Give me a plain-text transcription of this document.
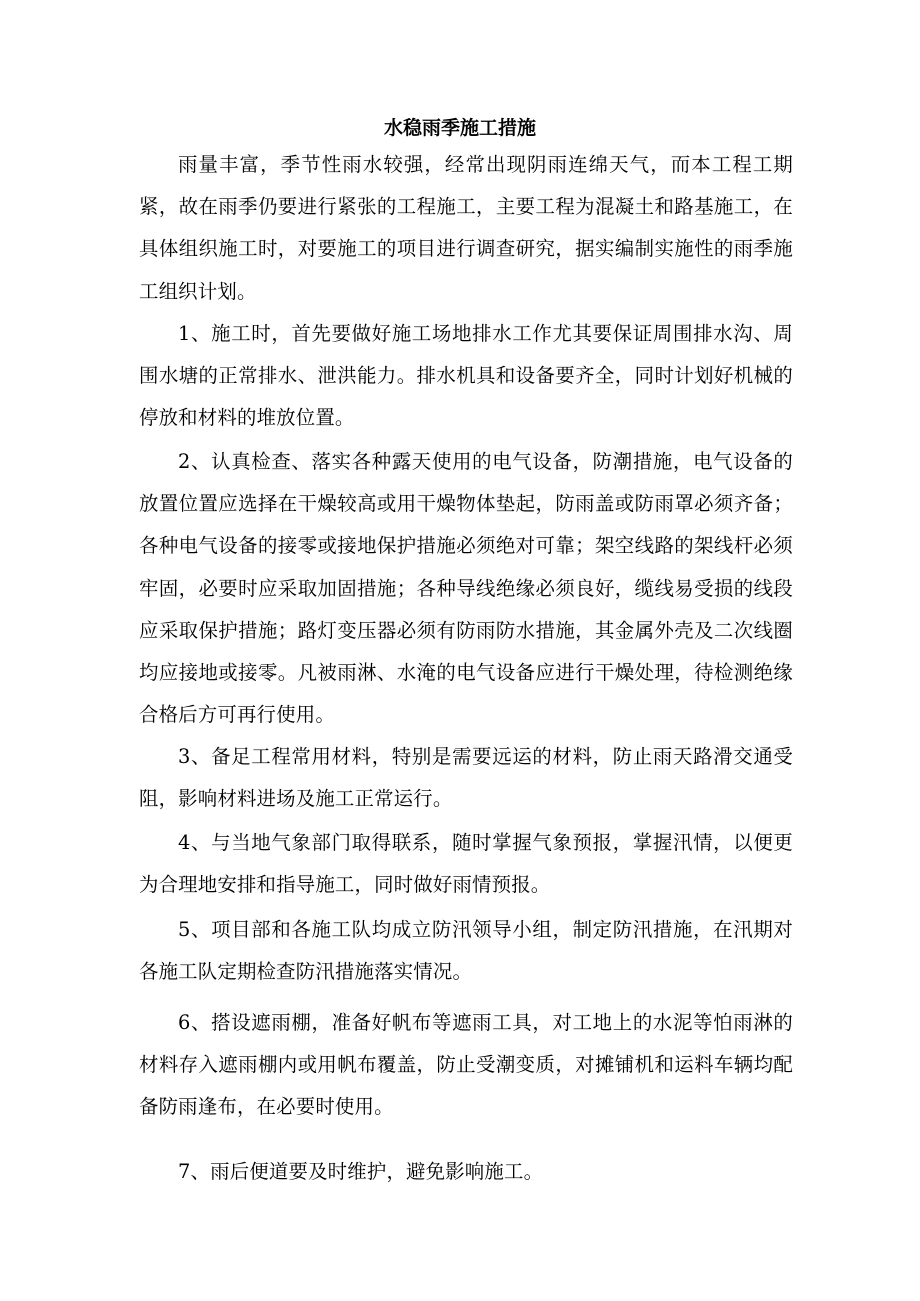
水稳雨季施工措施

雨量丰富，季节性雨水较强，经常出现阴雨连绵天气，而本工程工期紧，故在雨季仍要进行紧张的工程施工，主要工程为混凝土和路基施工，在具体组织施工时，对要施工的项目进行调查研究，据实编制实施性的雨季施工组织计划。

1、施工时，首先要做好施工场地排水工作尤其要保证周围排水沟、周围水塘的正常排水、泄洪能力。排水机具和设备要齐全，同时计划好机械的停放和材料的堆放位置。

2、认真检查、落实各种露天使用的电气设备，防潮措施，电气设备的放置位置应选择在干燥较高或用干燥物体垫起，防雨盖或防雨罩必须齐备；各种电气设备的接零或接地保护措施必须绝对可靠；架空线路的架线杆必须牢固，必要时应采取加固措施；各种导线绝缘必须良好，缆线易受损的线段应采取保护措施；路灯变压器必须有防雨防水措施，其金属外壳及二次线圈均应接地或接零。凡被雨淋、水淹的电气设备应进行干燥处理，待检测绝缘合格后方可再行使用。

3、备足工程常用材料，特别是需要远运的材料，防止雨天路滑交通受阻，影响材料进场及施工正常运行。

4、与当地气象部门取得联系，随时掌握气象预报，掌握汛情，以便更为合理地安排和指导施工，同时做好雨情预报。

5、项目部和各施工队均成立防汛领导小组，制定防汛措施，在汛期对各施工队定期检查防汛措施落实情况。

6、搭设遮雨棚，准备好帆布等遮雨工具，对工地上的水泥等怕雨淋的材料存入遮雨棚内或用帆布覆盖，防止受潮变质，对摊铺机和运料车辆均配备防雨逢布，在必要时使用。

7、雨后便道要及时维护，避免影响施工。
